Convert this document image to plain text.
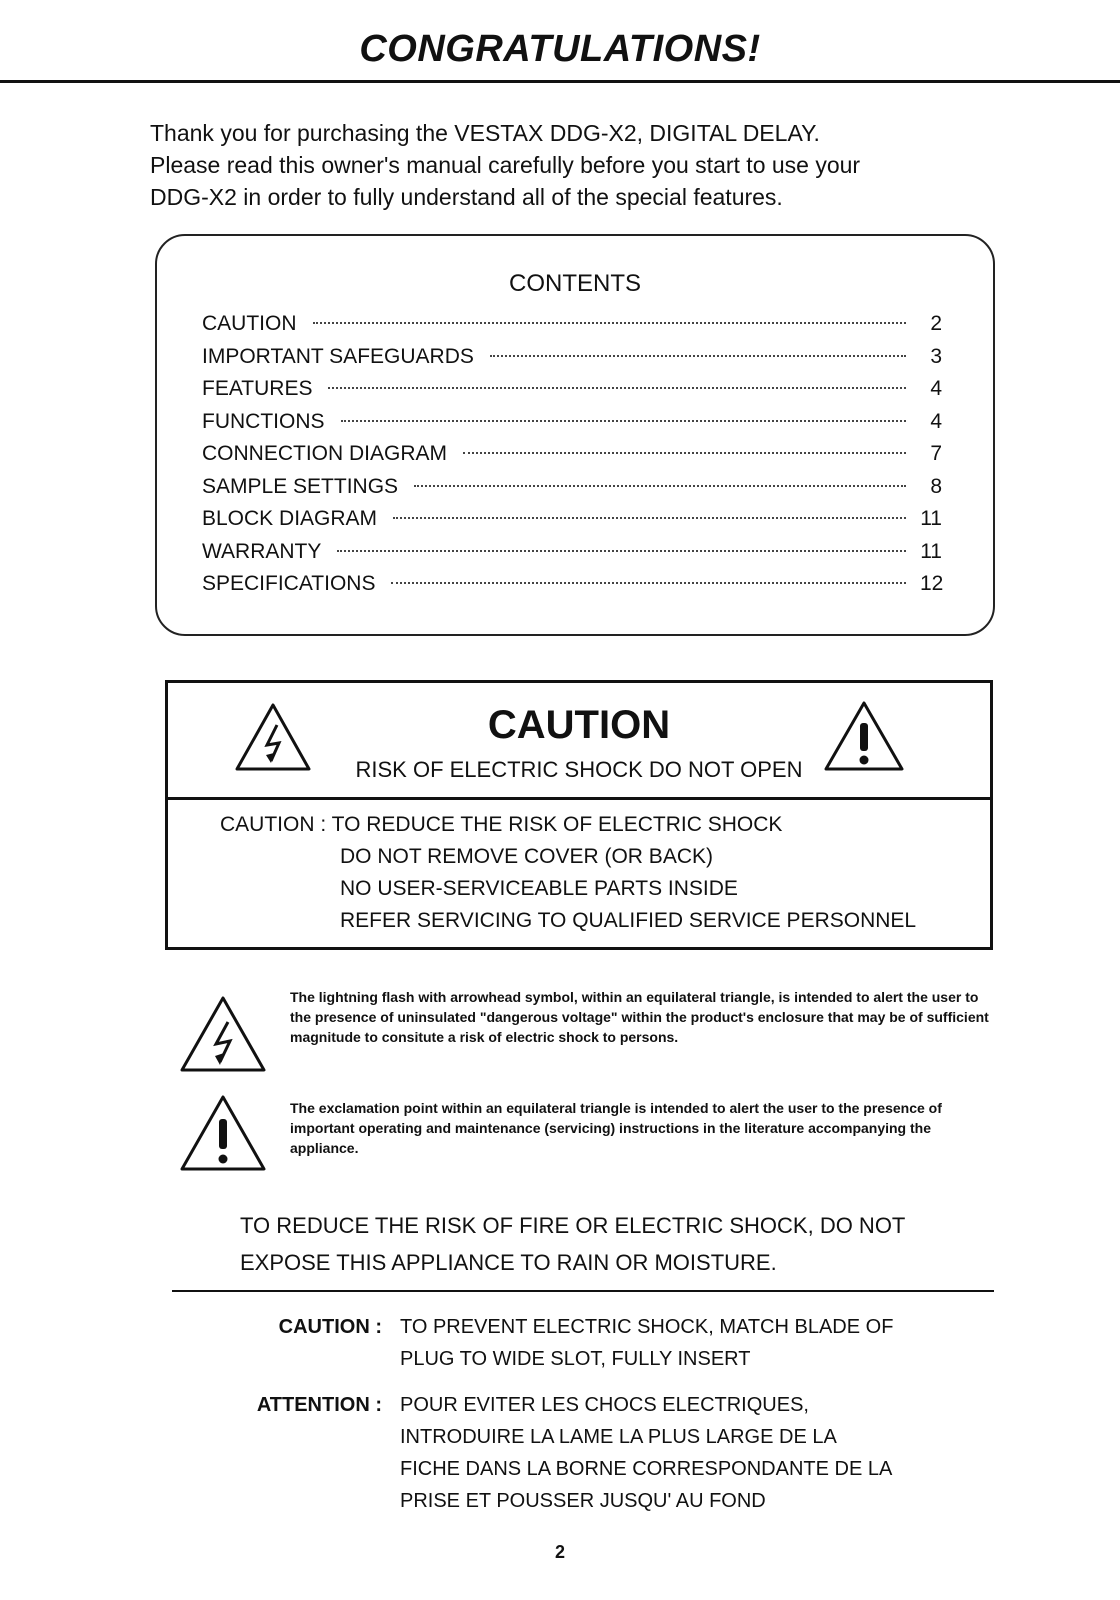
CONGRATULATIONS!
Thank you for purchasing the VESTAX DDG-X2, DIGITAL DELAY.
Please read this owner's manual carefully before you start to use your
DDG-X2 in order to fully understand all of the special features.
CONTENTS
CAUTION	2
IMPORTANT SAFEGUARDS	3
FEATURES	4
FUNCTIONS	4
CONNECTION DIAGRAM	7
SAMPLE SETTINGS	8
BLOCK DIAGRAM	11
WARRANTY	11
SPECIFICATIONS	12
CAUTION
RISK OF ELECTRIC SHOCK DO NOT OPEN
CAUTION : TO REDUCE THE RISK OF ELECTRIC SHOCK
DO NOT REMOVE COVER (OR BACK)
NO USER-SERVICEABLE PARTS INSIDE
REFER SERVICING TO QUALIFIED SERVICE PERSONNEL
The lightning flash with arrowhead symbol, within an equilateral triangle, is intended to alert the user to the presence of uninsulated "dangerous voltage" within the product's enclosure that may be of sufficient magnitude to consitute a risk of electric shock to persons.
The exclamation point within an equilateral triangle is intended to alert the user to the presence of important operating and maintenance (servicing) instructions in the literature accompanying the appliance.
TO REDUCE THE RISK OF FIRE OR ELECTRIC SHOCK, DO NOT
EXPOSE THIS APPLIANCE TO RAIN OR MOISTURE.
CAUTION : TO PREVENT ELECTRIC SHOCK, MATCH BLADE OF
PLUG TO WIDE SLOT, FULLY INSERT
ATTENTION : POUR EVITER LES CHOCS ELECTRIQUES,
INTRODUIRE LA LAME LA PLUS LARGE DE LA
FICHE DANS LA BORNE CORRESPONDANTE DE LA
PRISE ET POUSSER JUSQU' AU FOND
2
